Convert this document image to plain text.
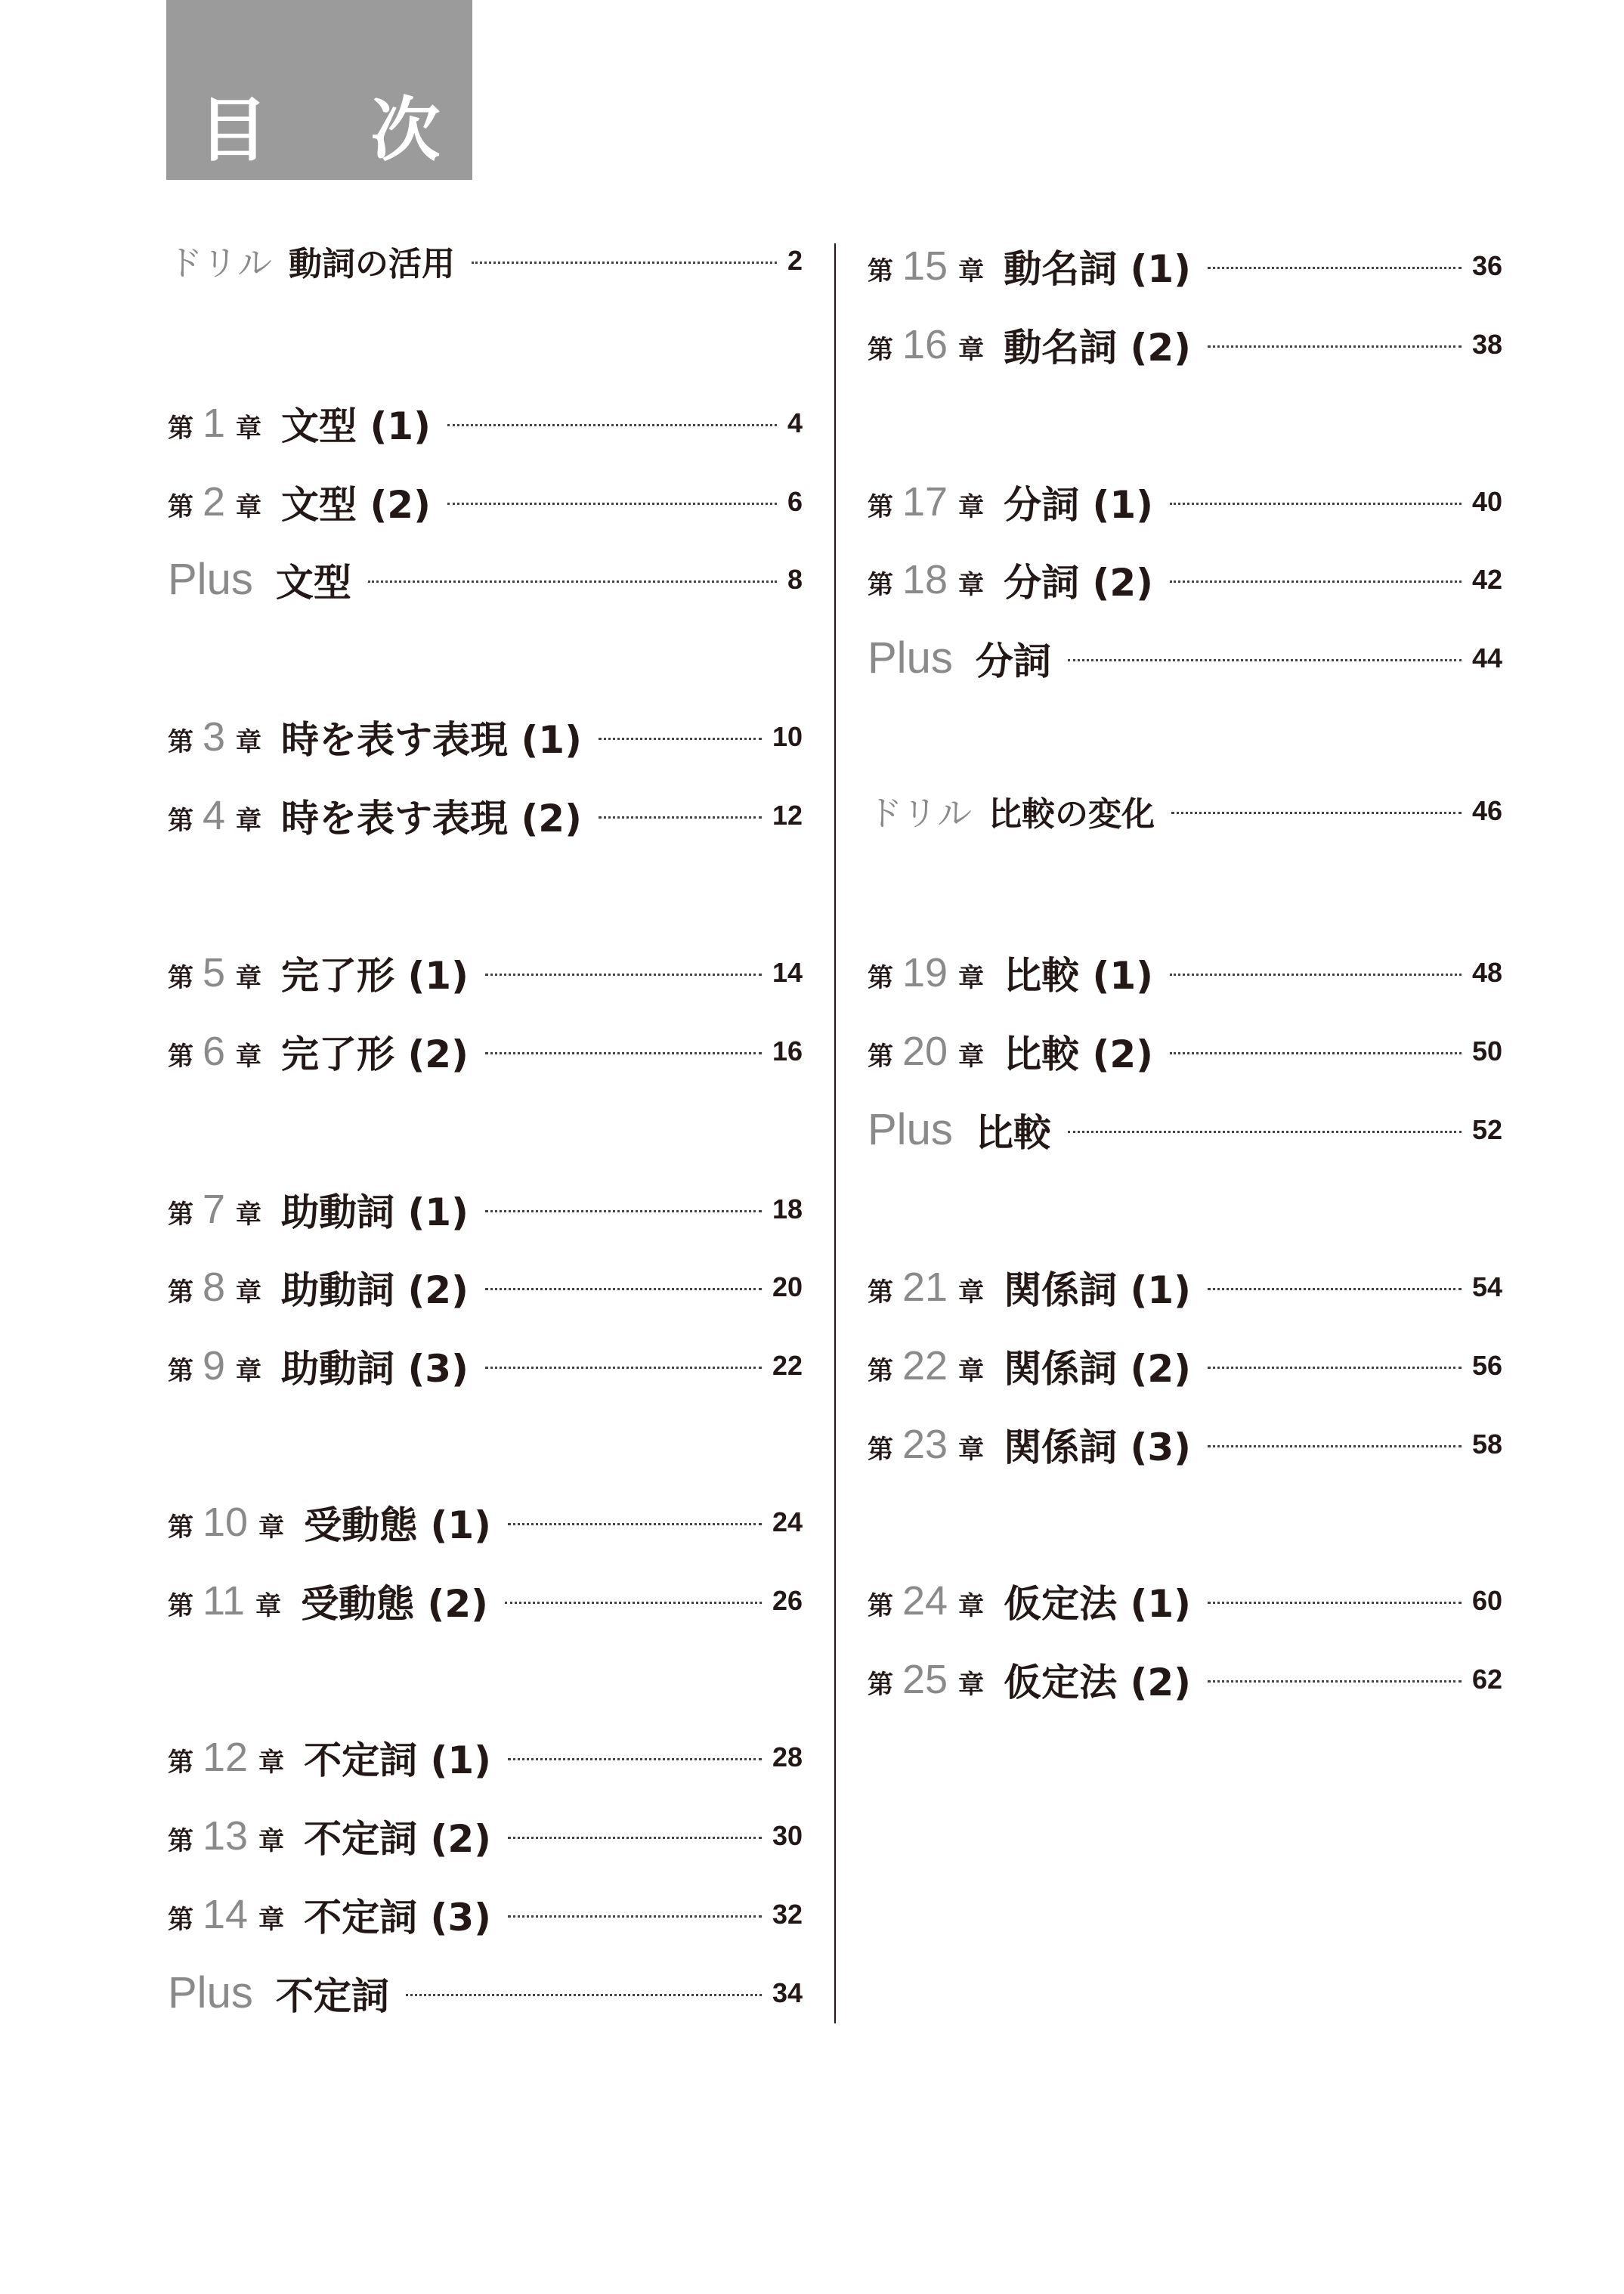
目 次
ドリル 動詞の活用	2
第 1 章 文型 (1)	4
第 2 章 文型 (2)	6
Plus 文型	8
第 3 章 時を表す表現 (1)	10
第 4 章 時を表す表現 (2)	12
第 5 章 完了形 (1)	14
第 6 章 完了形 (2)	16
第 7 章 助動詞 (1)	18
第 8 章 助動詞 (2)	20
第 9 章 助動詞 (3)	22
第 10 章 受動態 (1)	24
第 11 章 受動態 (2)	26
第 12 章 不定詞 (1)	28
第 13 章 不定詞 (2)	30
第 14 章 不定詞 (3)	32
Plus 不定詞	34
第 15 章 動名詞 (1)	36
第 16 章 動名詞 (2)	38
第 17 章 分詞 (1)	40
第 18 章 分詞 (2)	42
Plus 分詞	44
ドリル 比較の変化	46
第 19 章 比較 (1)	48
第 20 章 比較 (2)	50
Plus 比較	52
第 21 章 関係詞 (1)	54
第 22 章 関係詞 (2)	56
第 23 章 関係詞 (3)	58
第 24 章 仮定法 (1)	60
第 25 章 仮定法 (2)	62
